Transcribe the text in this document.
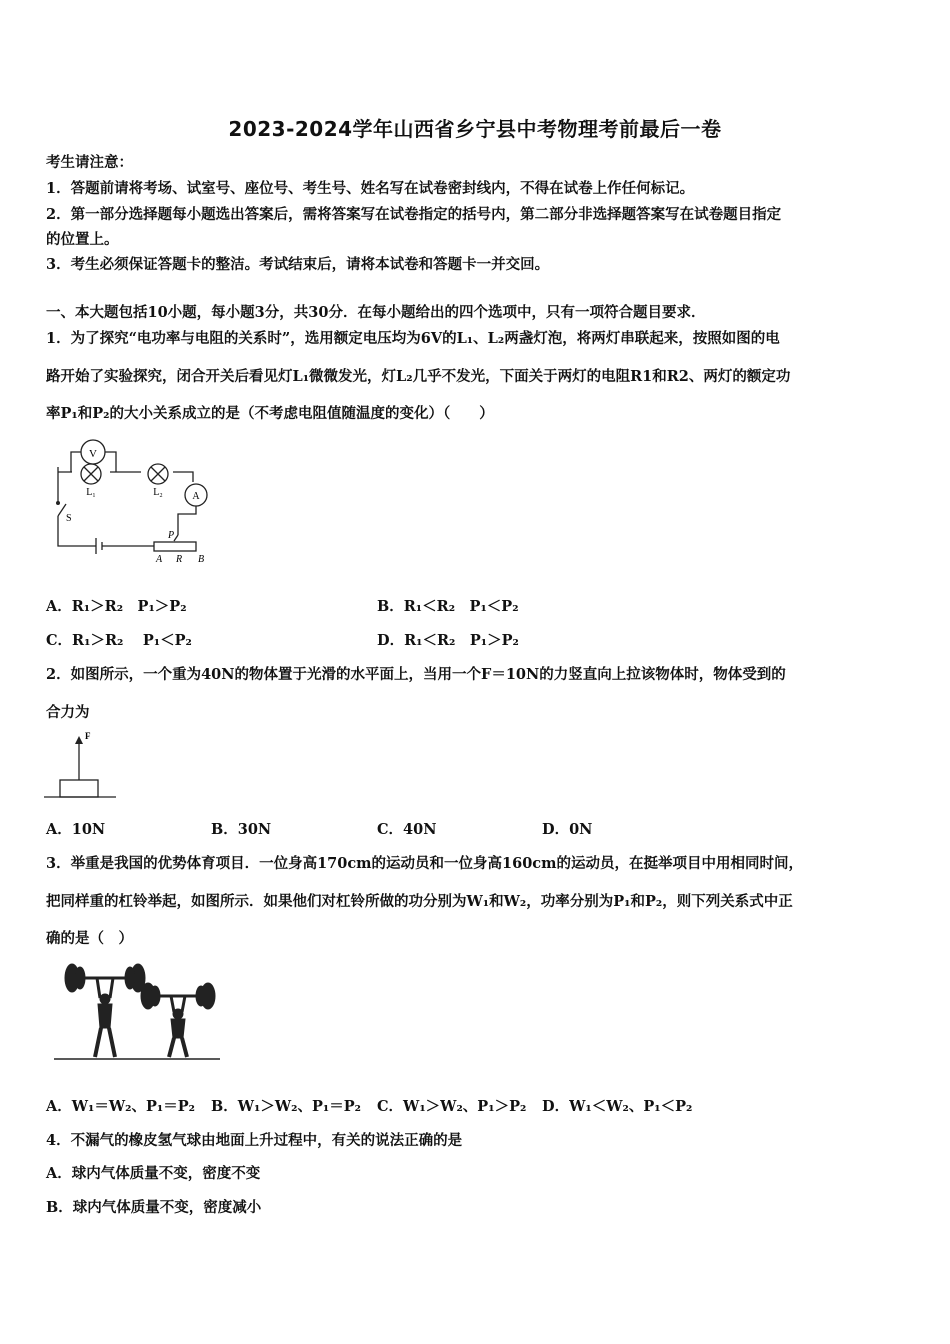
2023-2024学年山西省乡宁县中考物理考前最后一卷
考生请注意：
1．答题前请将考场、试室号、座位号、考生号、姓名写在试卷密封线内，不得在试卷上作任何标记。
2．第一部分选择题每小题选出答案后，需将答案写在试卷指定的括号内，第二部分非选择题答案写在试卷题目指定
的位置上。
3．考生必须保证答题卡的整洁。考试结束后，请将本试卷和答题卡一并交回。
一、本大题包括10小题，每小题3分，共30分．在每小题给出的四个选项中，只有一项符合题目要求．
1．为了探究“电功率与电阻的关系时”，选用额定电压均为6V的L₁、L₂两盏灯泡，将两灯串联起来，按照如图的电
路开始了实验探究，闭合开关后看见灯L₁微微发光，灯L₂几乎不发光，下面关于两灯的电阻R1和R2、两灯的额定功
率P₁和P₂的大小关系成立的是（不考虑电阻值随温度的变化）（　　）
V
L₁	L₂	A
S
P
A R B
A．R₁＞R₂　P₁＞P₂	B．R₁＜R₂　P₁＜P₂
C．R₁＞R₂　 P₁＜P₂	D．R₁＜R₂　P₁＞P₂
2．如图所示，一个重为40N的物体置于光滑的水平面上，当用一个F＝10N的力竖直向上拉该物体时，物体受到的
合力为
F
A．10N	B．30N	C．40N	D．0N
3．举重是我国的优势体育项目．一位身高170cm的运动员和一位身高160cm的运动员，在挺举项目中用相同时间，
把同样重的杠铃举起，如图所示．如果他们对杠铃所做的功分别为W₁和W₂，功率分别为P₁和P₂，则下列关系式中正
确的是（　）
A．W₁＝W₂、P₁＝P₂ B．W₁＞W₂、P₁＝P₂ C．W₁＞W₂、P₁＞P₂ D．W₁＜W₂、P₁＜P₂
4．不漏气的橡皮氢气球由地面上升过程中，有关的说法正确的是
A．球内气体质量不变，密度不变
B．球内气体质量不变，密度减小
